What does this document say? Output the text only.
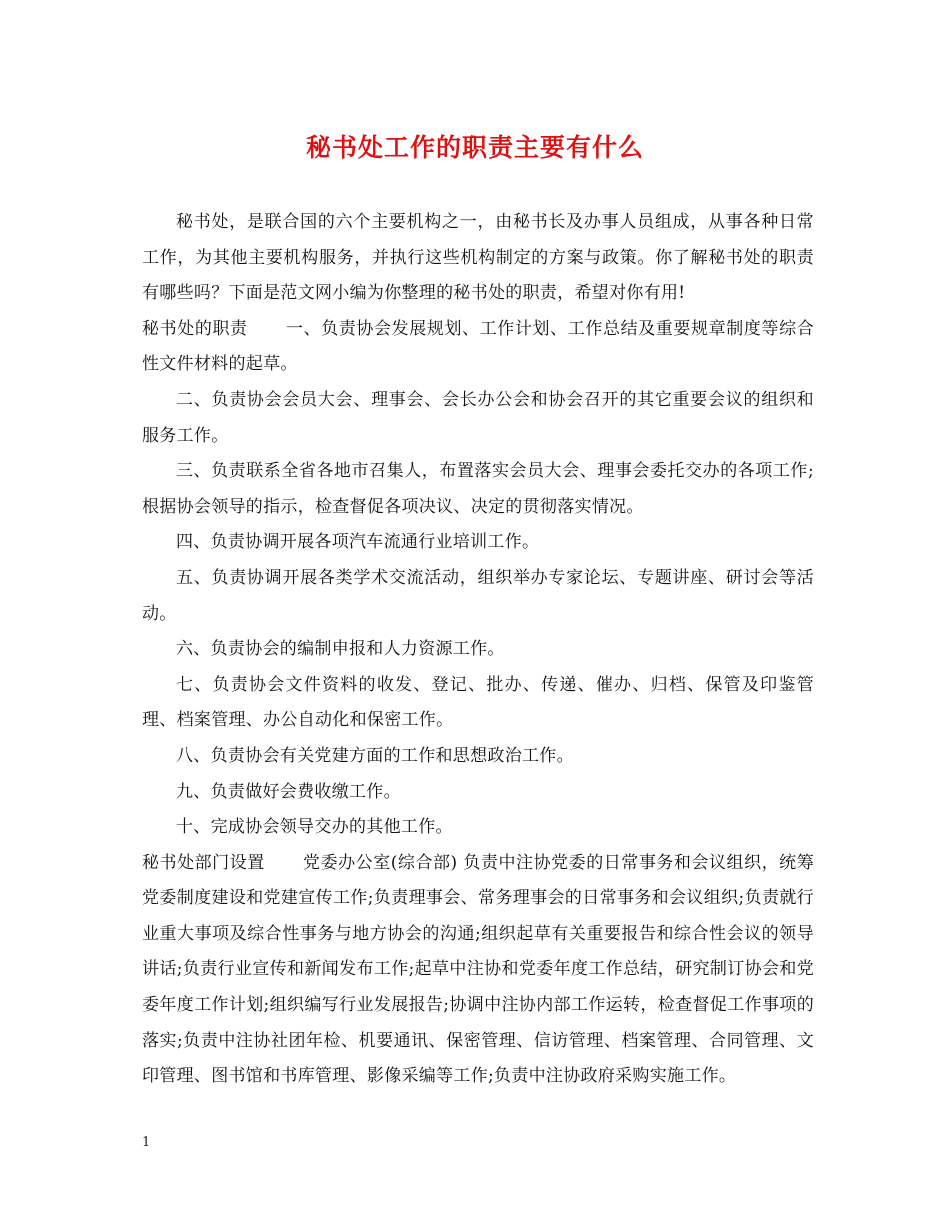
秘书处工作的职责主要有什么

秘书处，是联合国的六个主要机构之一，由秘书长及办事人员组成，从事各种日常工作，为其他主要机构服务，并执行这些机构制定的方案与政策。你了解秘书处的职责有哪些吗？下面是范文网小编为你整理的秘书处的职责，希望对你有用!

秘书处的职责 一、负责协会发展规划、工作计划、工作总结及重要规章制度等综合性文件材料的起草。

二、负责协会会员大会、理事会、会长办公会和协会召开的其它重要会议的组织和服务工作。

三、负责联系全省各地市召集人，布置落实会员大会、理事会委托交办的各项工作;根据协会领导的指示，检查督促各项决议、决定的贯彻落实情况。

四、负责协调开展各项汽车流通行业培训工作。

五、负责协调开展各类学术交流活动，组织举办专家论坛、专题讲座、研讨会等活动。

六、负责协会的编制申报和人力资源工作。

七、负责协会文件资料的收发、登记、批办、传递、催办、归档、保管及印鉴管理、档案管理、办公自动化和保密工作。

八、负责协会有关党建方面的工作和思想政治工作。

九、负责做好会费收缴工作。

十、完成协会领导交办的其他工作。

秘书处部门设置 党委办公室(综合部) 负责中注协党委的日常事务和会议组织，统筹党委制度建设和党建宣传工作;负责理事会、常务理事会的日常事务和会议组织;负责就行业重大事项及综合性事务与地方协会的沟通;组织起草有关重要报告和综合性会议的领导讲话;负责行业宣传和新闻发布工作;起草中注协和党委年度工作总结，研究制订协会和党委年度工作计划;组织编写行业发展报告;协调中注协内部工作运转，检查督促工作事项的落实;负责中注协社团年检、机要通讯、保密管理、信访管理、档案管理、合同管理、文印管理、图书馆和书库管理、影像采编等工作;负责中注协政府采购实施工作。

1
